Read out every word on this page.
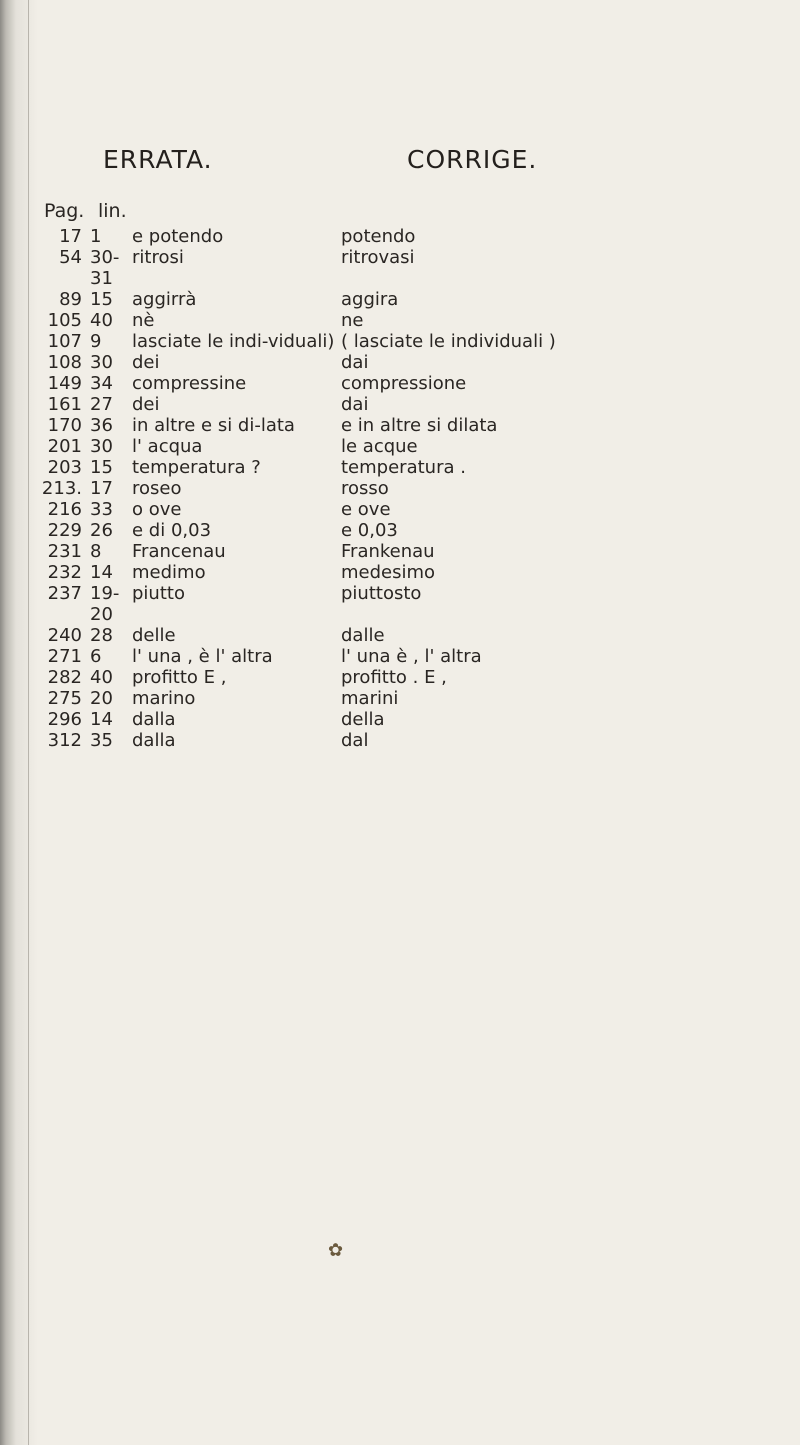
ERRATA.	CORRIGE.
Pag. lin.
17	1	e potendo	potendo
54	30-31	ritrosi	ritrovasi
89	15	aggirrà	aggira
105	40	nè	ne
107	9	lasciate le indi-viduali)	( lasciate le individuali )
108	30	dei	dai
149	34	compressine	compressione
161	27	dei	dai
170	36	in altre e si di-lata	e in altre si dilata
201	30	l' acqua	le acque
203	15	temperatura ?	temperatura .
213.	17	roseo	rosso
216	33	o ove	e ove
229	26	e di 0,03	e 0,03
231	8	Francenau	Frankenau
232	14	medimo	medesimo
237	19-20	piutto	piuttosto
240	28	delle	dalle
271	6	l' una , è l' altra	l' una è , l' altra
282	40	profitto E ,	profitto . E ,
275	20	marino	marini
296	14	dalla	della
312	35	dalla	dal
✿
